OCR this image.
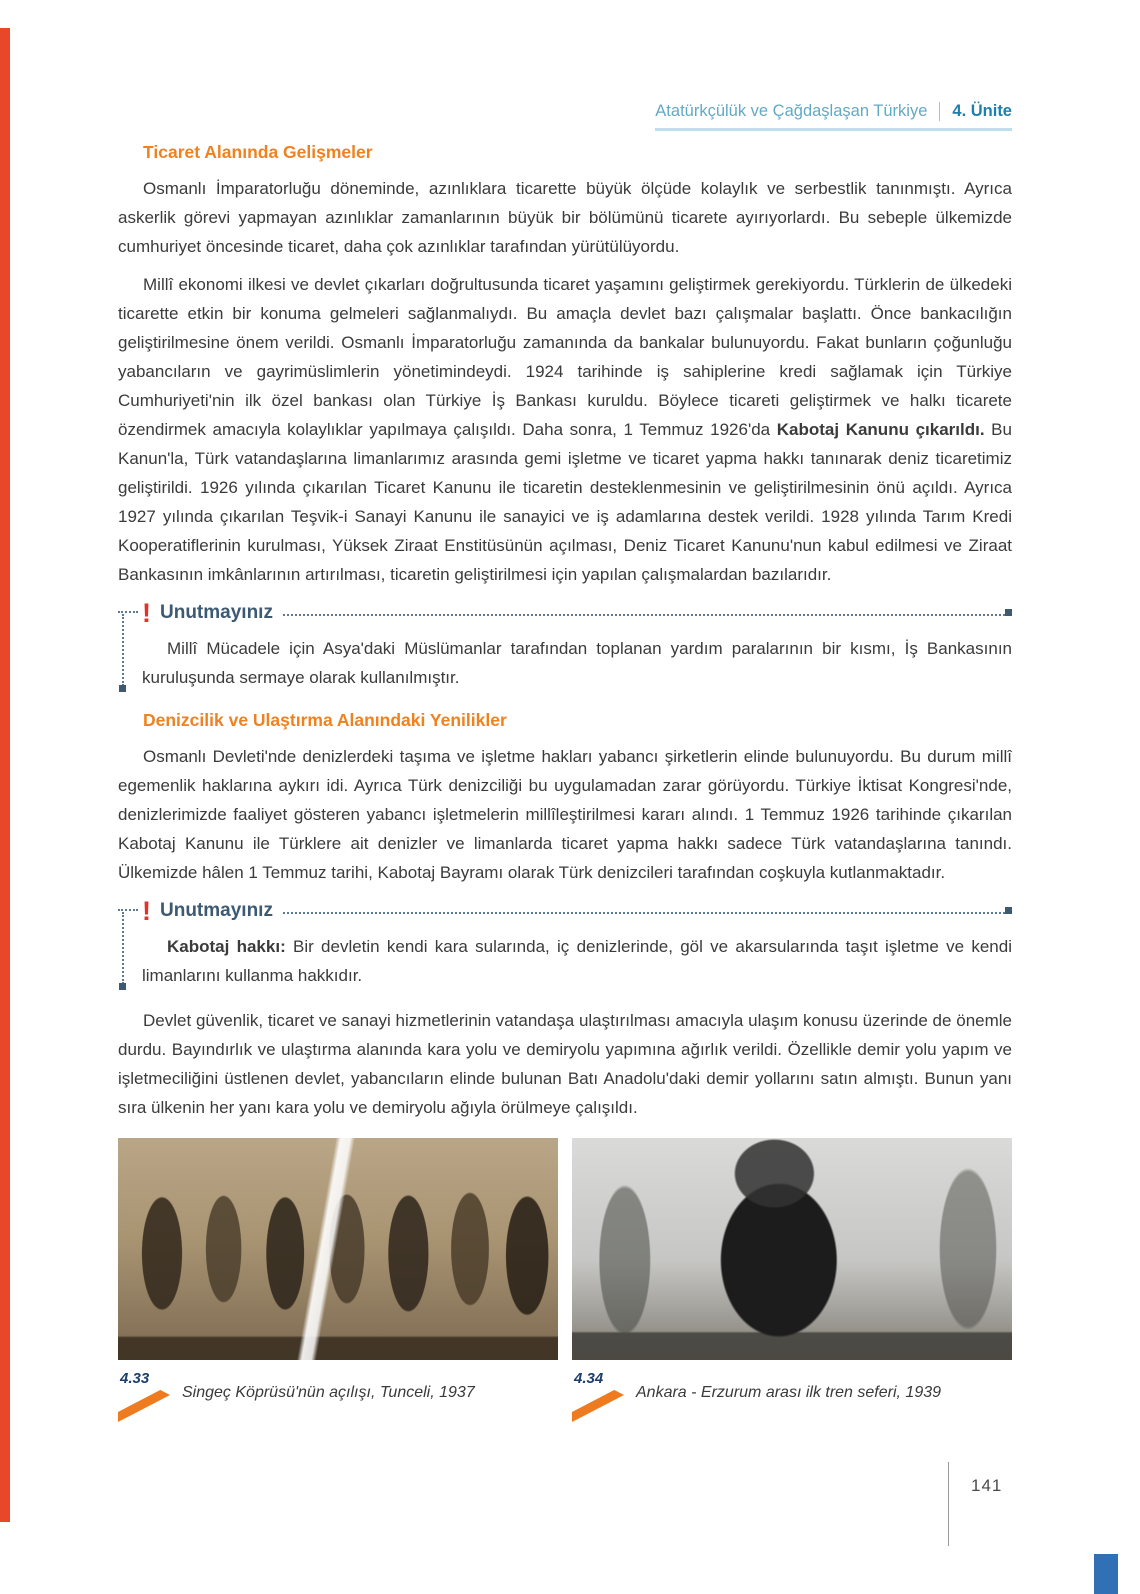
Atatürkçülük ve Çağdaşlaşan Türkiye 4. Ünite
Ticaret Alanında Gelişmeler

Osmanlı İmparatorluğu döneminde, azınlıklara ticarette büyük ölçüde kolaylık ve serbestlik tanınmıştı. Ayrıca askerlik görevi yapmayan azınlıklar zamanlarının büyük bir bölümünü ticarete ayırıyorlardı. Bu sebeple ülkemizde cumhuriyet öncesinde ticaret, daha çok azınlıklar tarafından yürütülüyordu.

Millî ekonomi ilkesi ve devlet çıkarları doğrultusunda ticaret yaşamını geliştirmek gerekiyordu. Türklerin de ülkedeki ticarette etkin bir konuma gelmeleri sağlanmalıydı. Bu amaçla devlet bazı çalışmalar başlattı. Önce bankacılığın geliştirilmesine önem verildi. Osmanlı İmparatorluğu zamanında da bankalar bulunuyordu. Fakat bunların çoğunluğu yabancıların ve gayrimüslimlerin yönetimindeydi. 1924 tarihinde iş sahiplerine kredi sağlamak için Türkiye Cumhuriyeti'nin ilk özel bankası olan Türkiye İş Bankası kuruldu. Böylece ticareti geliştirmek ve halkı ticarete özendirmek amacıyla kolaylıklar yapılmaya çalışıldı. Daha sonra, 1 Temmuz 1926'da Kabotaj Kanunu çıkarıldı. Bu Kanun'la, Türk vatandaşlarına limanlarımız arasında gemi işletme ve ticaret yapma hakkı tanınarak deniz ticaretimiz geliştirildi. 1926 yılında çıkarılan Ticaret Kanunu ile ticaretin desteklenmesinin ve geliştirilmesinin önü açıldı. Ayrıca 1927 yılında çıkarılan Teşvik-i Sanayi Kanunu ile sanayici ve iş adamlarına destek verildi. 1928 yılında Tarım Kredi Kooperatiflerinin kurulması, Yüksek Ziraat Enstitüsünün açılması, Deniz Ticaret Kanunu'nun kabul edilmesi ve Ziraat Bankasının imkânlarının artırılması, ticaretin geliştirilmesi için yapılan çalışmalardan bazılarıdır.

! Unutmayınız

Millî Mücadele için Asya'daki Müslümanlar tarafından toplanan yardım paralarının bir kısmı, İş Bankasının kuruluşunda sermaye olarak kullanılmıştır.

Denizcilik ve Ulaştırma Alanındaki Yenilikler

Osmanlı Devleti'nde denizlerdeki taşıma ve işletme hakları yabancı şirketlerin elinde bulunuyordu. Bu durum millî egemenlik haklarına aykırı idi. Ayrıca Türk denizciliği bu uygulamadan zarar görüyordu. Türkiye İktisat Kongresi'nde, denizlerimizde faaliyet gösteren yabancı işletmelerin millîleştirilmesi kararı alındı. 1 Temmuz 1926 tarihinde çıkarılan Kabotaj Kanunu ile Türklere ait denizler ve limanlarda ticaret yapma hakkı sadece Türk vatandaşlarına tanındı. Ülkemizde hâlen 1 Temmuz tarihi, Kabotaj Bayramı olarak Türk denizcileri tarafından coşkuyla kutlanmaktadır.

! Unutmayınız

Kabotaj hakkı: Bir devletin kendi kara sularında, iç denizlerinde, göl ve akarsularında taşıt işletme ve kendi limanlarını kullanma hakkıdır.

Devlet güvenlik, ticaret ve sanayi hizmetlerinin vatandaşa ulaştırılması amacıyla ulaşım konusu üzerinde de önemle durdu. Bayındırlık ve ulaştırma alanında kara yolu ve demiryolu yapımına ağırlık verildi. Özellikle demir yolu yapım ve işletmeciliğini üstlenen devlet, yabancıların elinde bulunan Batı Anadolu'daki demir yollarını satın almıştı. Bunun yanı sıra ülkenin her yanı kara yolu ve demiryolu ağıyla örülmeye çalışıldı.

4.33
Singeç Köprüsü'nün açılışı, Tunceli, 1937
4.34
Ankara - Erzurum arası ilk tren seferi, 1939
141
